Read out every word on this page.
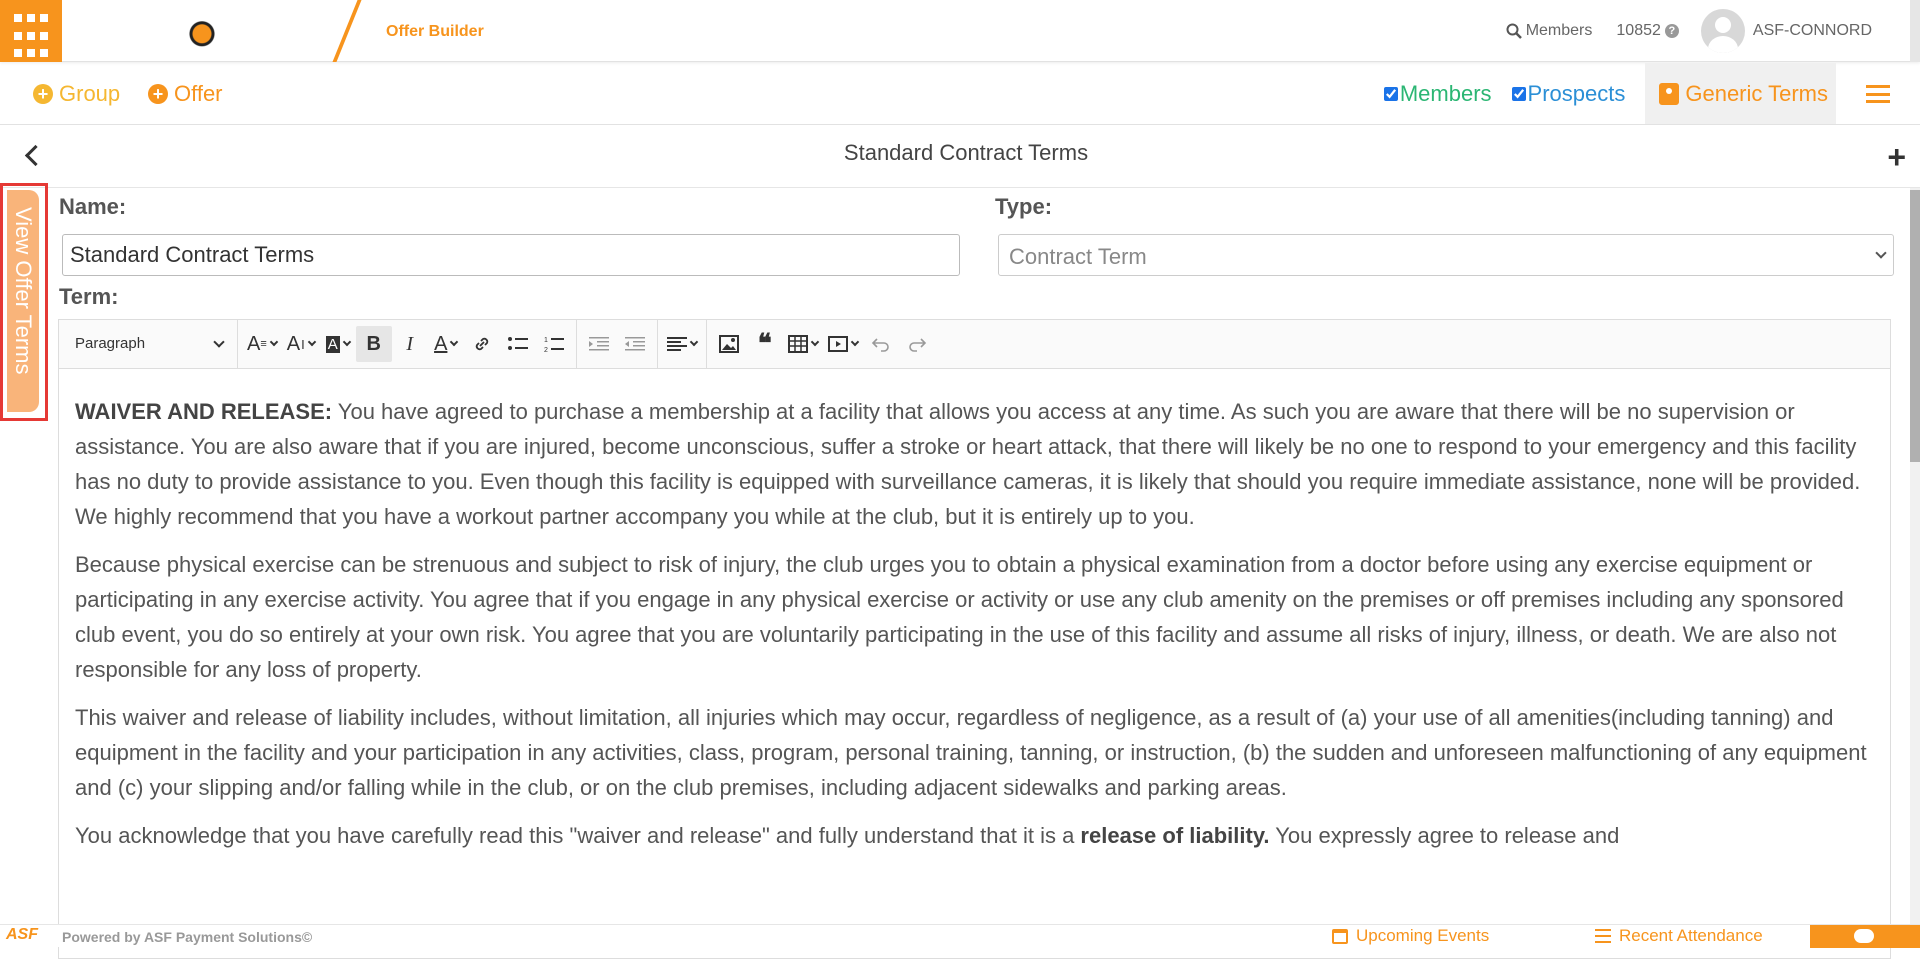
Offer Builder	Members 10852 ?	ASF-CONNORD
+ Group + Offer	Members Prospects	Generic Terms
Standard Contract Terms	+
View Offer Terms
Name:
Standard Contract Terms	Type:
Contract Term
Term:
Paragraph	A ≡ A I A B I A	1
2	❝

WAIVER AND RELEASE: You have agreed to purchase a membership at a facility that allows you access at any time. As such you are aware that there will be no supervision or assistance. You are also aware that if you are injured, become unconscious, suffer a stroke or heart attack, that there will likely be no one to respond to your emergency and this facility has no duty to provide assistance to you. Even though this facility is equipped with surveillance cameras, it is likely that should you require immediate assistance, none will be provided. We highly recommend that you have a workout partner accompany you while at the club, but it is entirely up to you.

Because physical exercise can be strenuous and subject to risk of injury, the club urges you to obtain a physical examination from a doctor before using any exercise equipment or participating in any exercise activity. You agree that if you engage in any physical exercise or activity or use any club amenity on the premises or off premises including any sponsored club event, you do so entirely at your own risk. You agree that you are voluntarily participating in the use of this facility and assume all risks of injury, illness, or death. We are also not responsible for any loss of property.

This waiver and release of liability includes, without limitation, all injuries which may occur, regardless of negligence, as a result of (a) your use of all amenities(including tanning) and equipment in the facility and your participation in any activities, class, program, personal training, tanning, or instruction, (b) the sudden and unforeseen malfunctioning of any equipment and (c) your slipping and/or falling while in the club, or on the club premises, including adjacent sidewalks and parking areas.

You acknowledge that you have carefully read this "waiver and release" and fully understand that it is a release of liability. You expressly agree to release and

ASF Powered by ASF Payment Solutions©	Upcoming Events	Recent Attendance
